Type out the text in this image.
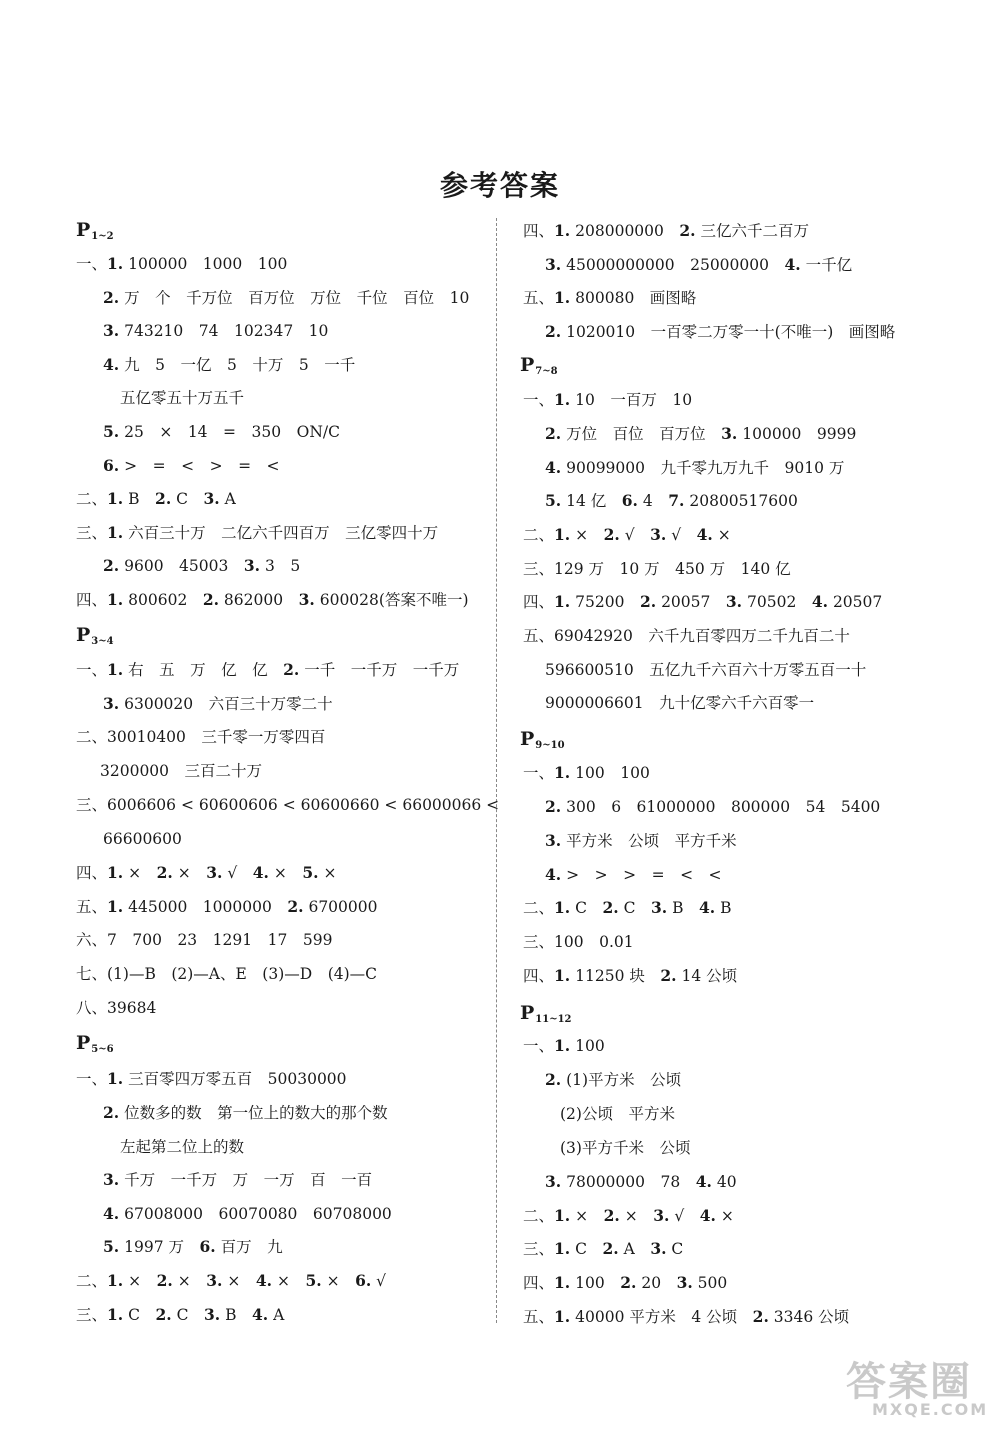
参考答案
$P_{1\sim 2}$
一、1. 100000　1000　100
2. 万　个　千万位　百万位　万位　千位　百位　10
3. 743210　74　102347　10
4. 九　5　一亿　5　十万　5　一千
五亿零五十万五千
5. 25　×　14　=　350　ON/C
6. >　=　<　>　=　<
二、1. B　2. C　3. A
三、1. 六百三十万　二亿六千四百万　三亿零四十万
2. 9600　45003　3. 3　5
四、1. 800602　2. 862000　3. 600028(答案不唯一)
$P_{3\sim 4}$
一、1. 右　五　万　亿　亿　2. 一千　一千万　一千万
3. 6300020　六百三十万零二十
二、30010400　三千零一万零四百
3200000　三百二十万
三、6006606 < 60600606 < 60600660 < 66000066 <
66600600
四、1. ×　2. ×　3. √　4. ×　5. ×
五、1. 445000　1000000　2. 6700000
六、7　700　23　1291　17　599
七、(1)—B　(2)—A、E　(3)—D　(4)—C
八、39684
$P_{5\sim 6}$
一、1. 三百零四万零五百　50030000
2. 位数多的数　第一位上的数大的那个数
左起第二位上的数
3. 千万　一千万　万　一万　百　一百
4. 67008000　60070080　60708000
5. 1997 万　6. 百万　九
二、1. ×　2. ×　3. ×　4. ×　5. ×　6. √
三、1. C　2. C　3. B　4. A
四、1. 208000000　2. 三亿六千二百万
3. 45000000000　25000000　4. 一千亿
五、1. 800080　画图略
2. 1020010　一百零二万零一十(不唯一)　画图略
$P_{7\sim 8}$
一、1. 10　一百万　10
2. 万位　百位　百万位　3. 100000　9999
4. 90099000　九千零九万九千　9010 万
5. 14 亿　6. 4　7. 20800517600
二、1. ×　2. √　3. √　4. ×
三、129 万　10 万　450 万　140 亿
四、1. 75200　2. 20057　3. 70502　4. 20507
五、69042920　六千九百零四万二千九百二十
596600510　五亿九千六百六十万零五百一十
9000006601　九十亿零六千六百零一
$P_{9\sim 10}$
一、1. 100　100
2. 300　6　61000000　800000　54　5400
3. 平方米　公顷　平方千米
4. >　>　>　=　<　<
二、1. C　2. C　3. B　4. B
三、100　0.01
四、1. 11250 块　2. 14 公顷
$P_{11\sim 12}$
一、1. 100
2. (1)平方米　公顷
(2)公顷　平方米
(3)平方千米　公顷
3. 78000000　78　4. 40
二、1. ×　2. ×　3. √　4. ×
三、1. C　2. A　3. C
四、1. 100　2. 20　3. 500
五、1. 40000 平方米　4 公顷　2. 3346 公顷
答案圈
MXQE.COM
